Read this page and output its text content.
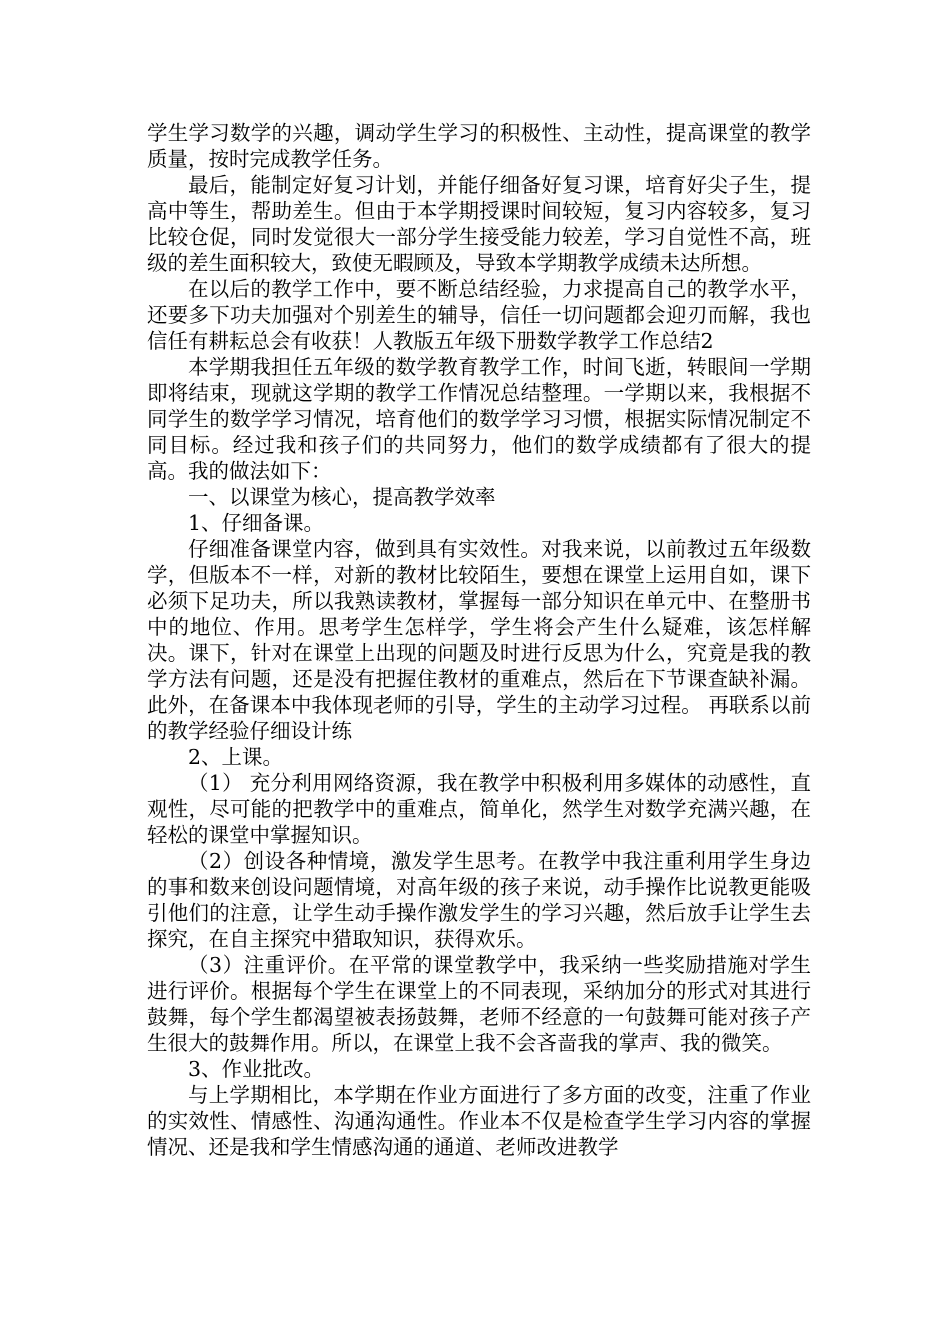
学生学习数学的兴趣，调动学生学习的积极性、主动性，提高课堂的教学质量，按时完成教学任务。

最后，能制定好复习计划，并能仔细备好复习课，培育好尖子生，提高中等生，帮助差生。但由于本学期授课时间较短，复习内容较多，复习比较仓促，同时发觉很大一部分学生接受能力较差，学习自觉性不高，班级的差生面积较大，致使无暇顾及，导致本学期教学成绩未达所想。

在以后的教学工作中，要不断总结经验，力求提高自己的教学水平，还要多下功夫加强对个别差生的辅导，信任一切问题都会迎刃而解，我也信任有耕耘总会有收获！人教版五年级下册数学教学工作总结2

本学期我担任五年级的数学教育教学工作，时间飞逝，转眼间一学期即将结束，现就这学期的教学工作情况总结整理。一学期以来，我根据不同学生的数学学习情况，培育他们的数学学习习惯，根据实际情况制定不同目标。经过我和孩子们的共同努力，他们的数学成绩都有了很大的提高。我的做法如下：

一、以课堂为核心，提高教学效率

1、仔细备课。

仔细准备课堂内容，做到具有实效性。对我来说，以前教过五年级数学，但版本不一样，对新的教材比较陌生，要想在课堂上运用自如，课下必须下足功夫，所以我熟读教材，掌握每一部分知识在单元中、在整册书中的地位、作用。思考学生怎样学，学生将会产生什么疑难，该怎样解决。课下，针对在课堂上出现的问题及时进行反思为什么，究竟是我的教学方法有问题，还是没有把握住教材的重难点，然后在下节课查缺补漏。此外，在备课本中我体现老师的引导，学生的主动学习过程。 再联系以前的教学经验仔细设计练

2、上课。

（1） 充分利用网络资源，我在教学中积极利用多媒体的动感性，直观性，尽可能的把教学中的重难点，简单化，然学生对数学充满兴趣，在轻松的课堂中掌握知识。

（2）创设各种情境，激发学生思考。在教学中我注重利用学生身边的事和数来创设问题情境，对高年级的孩子来说，动手操作比说教更能吸引他们的注意，让学生动手操作激发学生的学习兴趣，然后放手让学生去探究，在自主探究中猎取知识，获得欢乐。

（3）注重评价。在平常的课堂教学中，我采纳一些奖励措施对学生进行评价。根据每个学生在课堂上的不同表现，采纳加分的形式对其进行鼓舞，每个学生都渴望被表扬鼓舞，老师不经意的一句鼓舞可能对孩子产生很大的鼓舞作用。所以，在课堂上我不会吝啬我的掌声、我的微笑。

3、作业批改。

与上学期相比，本学期在作业方面进行了多方面的改变，注重了作业的实效性、情感性、沟通沟通性。作业本不仅是检查学生学习内容的掌握情况、还是我和学生情感沟通的通道、老师改进教学
